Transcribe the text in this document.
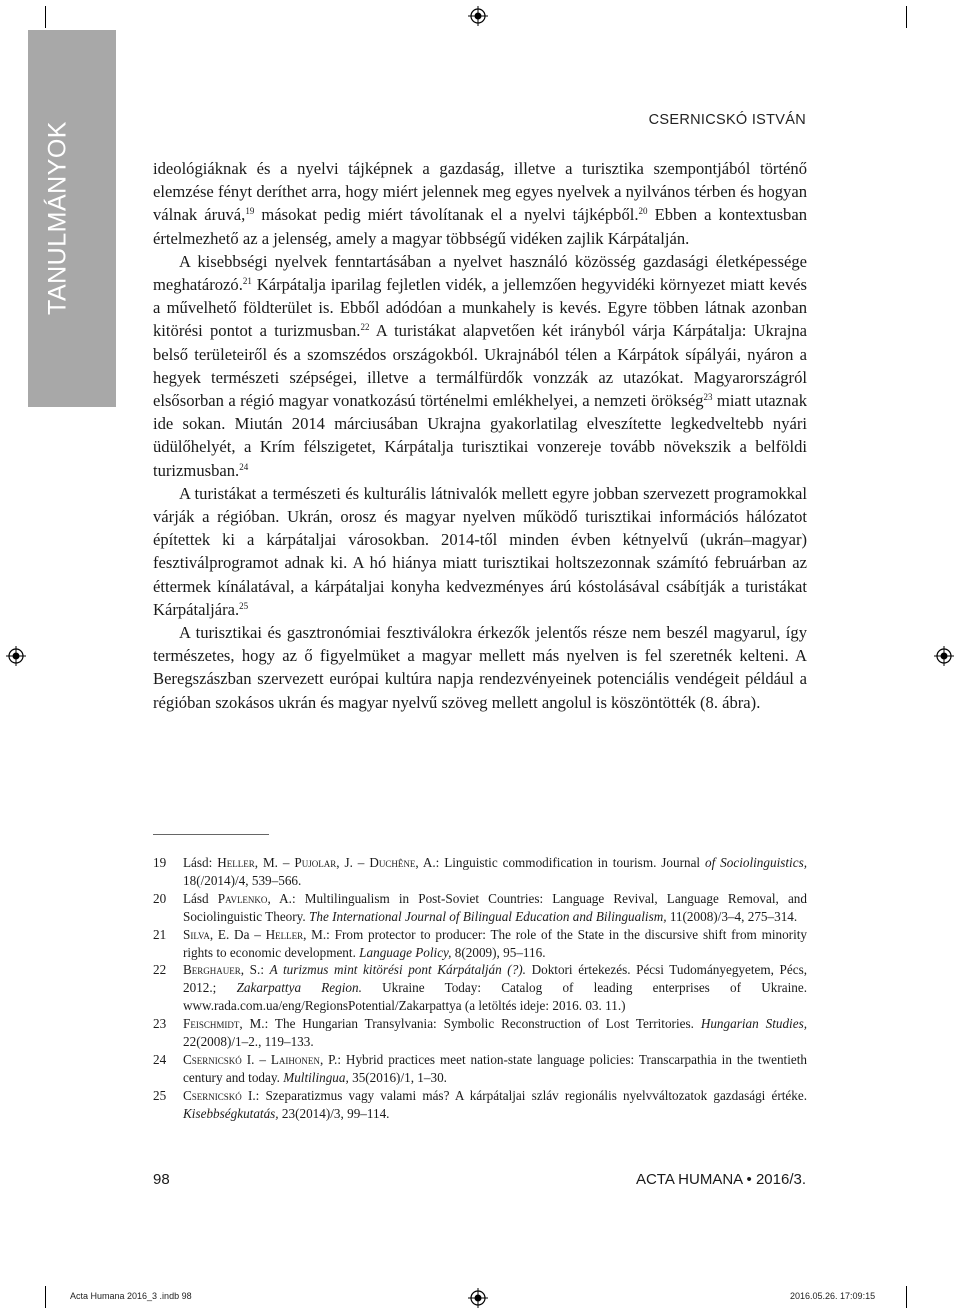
TANULMÁNYOK
CSERNICSKÓ ISTVÁN

ideológiáknak és a nyelvi tájképnek a gazdaság, illetve a turisztika szempontjából történő elemzése fényt deríthet arra, hogy miért jelennek meg egyes nyelvek a nyilvános térben és hogyan válnak áruvá,$^{19}$ másokat pedig miért távolítanak el a nyelvi tájképből.$^{20}$ Ebben a kontextusban értelmezhető az a jelenség, amely a magyar többségű vidéken zajlik Kárpátalján.

A kisebbségi nyelvek fenntartásában a nyelvet használó közösség gazdasági életképessége meghatározó.$^{21}$ Kárpátalja iparilag fejletlen vidék, a jellemzően hegyvidéki környezet miatt kevés a művelhető földterület is. Ebből adódóan a munkahely is kevés. Egyre többen látnak azonban kitörési pontot a turizmusban.$^{22}$ A turistákat alapvetően két irányból várja Kárpátalja: Ukrajna belső területeiről és a szomszédos országokból. Ukrajnából télen a Kárpátok sípályái, nyáron a hegyek természeti szépségei, illetve a termálfürdők vonzzák az utazókat. Magyarországról elsősorban a régió magyar vonatkozású történelmi emlékhelyei, a nemzeti örökség$^{23}$ miatt utaznak ide sokan. Miután 2014 márciusában Ukrajna gyakorlatilag elveszítette legkedveltebb nyári üdülőhelyét, a Krím félszigetet, Kárpátalja turisztikai vonzereje tovább növekszik a belföldi turizmusban.$^{24}$

A turistákat a természeti és kulturális látnivalók mellett egyre jobban szervezett programokkal várják a régióban. Ukrán, orosz és magyar nyelven működő turisztikai információs hálózatot építettek ki a kárpátaljai városokban. 2014-től minden évben kétnyelvű (ukrán–magyar) fesztiválprogramot adnak ki. A hó hiánya miatt turisztikai holtszezonnak számító februárban az éttermek kínálatával, a kárpátaljai konyha kedvezményes árú kóstolásával csábítják a turistákat Kárpátaljára.$^{25}$

A turisztikai és gasztronómiai fesztiválokra érkezők jelentős része nem beszél magyarul, így természetes, hogy az ő figyelmüket a magyar mellett más nyelven is fel szeretnék kelteni. A Beregszászban szervezett európai kultúra napja rendezvényeinek potenciális vendégeit például a régióban szokásos ukrán és magyar nyelvű szöveg mellett angolul is köszöntötték (8. ábra).

19	Lásd: Heller, M. – Pujolar, J. – Duchêne, A.: Linguistic commodification in tourism. Journal of Sociolinguistics, 18(/2014)/4, 539–566.
20	Lásd Pavlenko, A.: Multilingualism in Post-Soviet Countries: Language Revival, Language Removal, and Sociolinguistic Theory. The International Journal of Bilingual Education and Bilingualism, 11(2008)/3–4, 275–314.
21	Silva, E. Da – Heller, M.: From protector to producer: The role of the State in the discursive shift from minority rights to economic development. Language Policy, 8(2009), 95–116.
22	Berghauer, S.: A turizmus mint kitörési pont Kárpátalján (?). Doktori értekezés. Pécsi Tudományegyetem, Pécs, 2012.; Zakarpattya Region. Ukraine Today: Catalog of leading enterprises of Ukraine. www.rada.com.ua/eng/RegionsPotential/Zakarpattya (a letöltés ideje: 2016. 03. 11.)
23	Feischmidt, M.: The Hungarian Transylvania: Symbolic Reconstruction of Lost Territories. Hungarian Studies, 22(2008)/1–2., 119–133.
24	Csernicskó I. – Laihonen, P.: Hybrid practices meet nation-state language policies: Transcarpathia in the twentieth century and today. Multilingua, 35(2016)/1, 1–30.
25	Csernicskó I.: Szeparatizmus vagy valami más? A kárpátaljai szláv regionális nyelvváltozatok gazdasági értéke. Kisebbségkutatás, 23(2014)/3, 99–114.
98	ACTA HUMANA • 2016/3.
Acta Humana 2016_3 .indb 98	2016.05.26. 17:09:15
